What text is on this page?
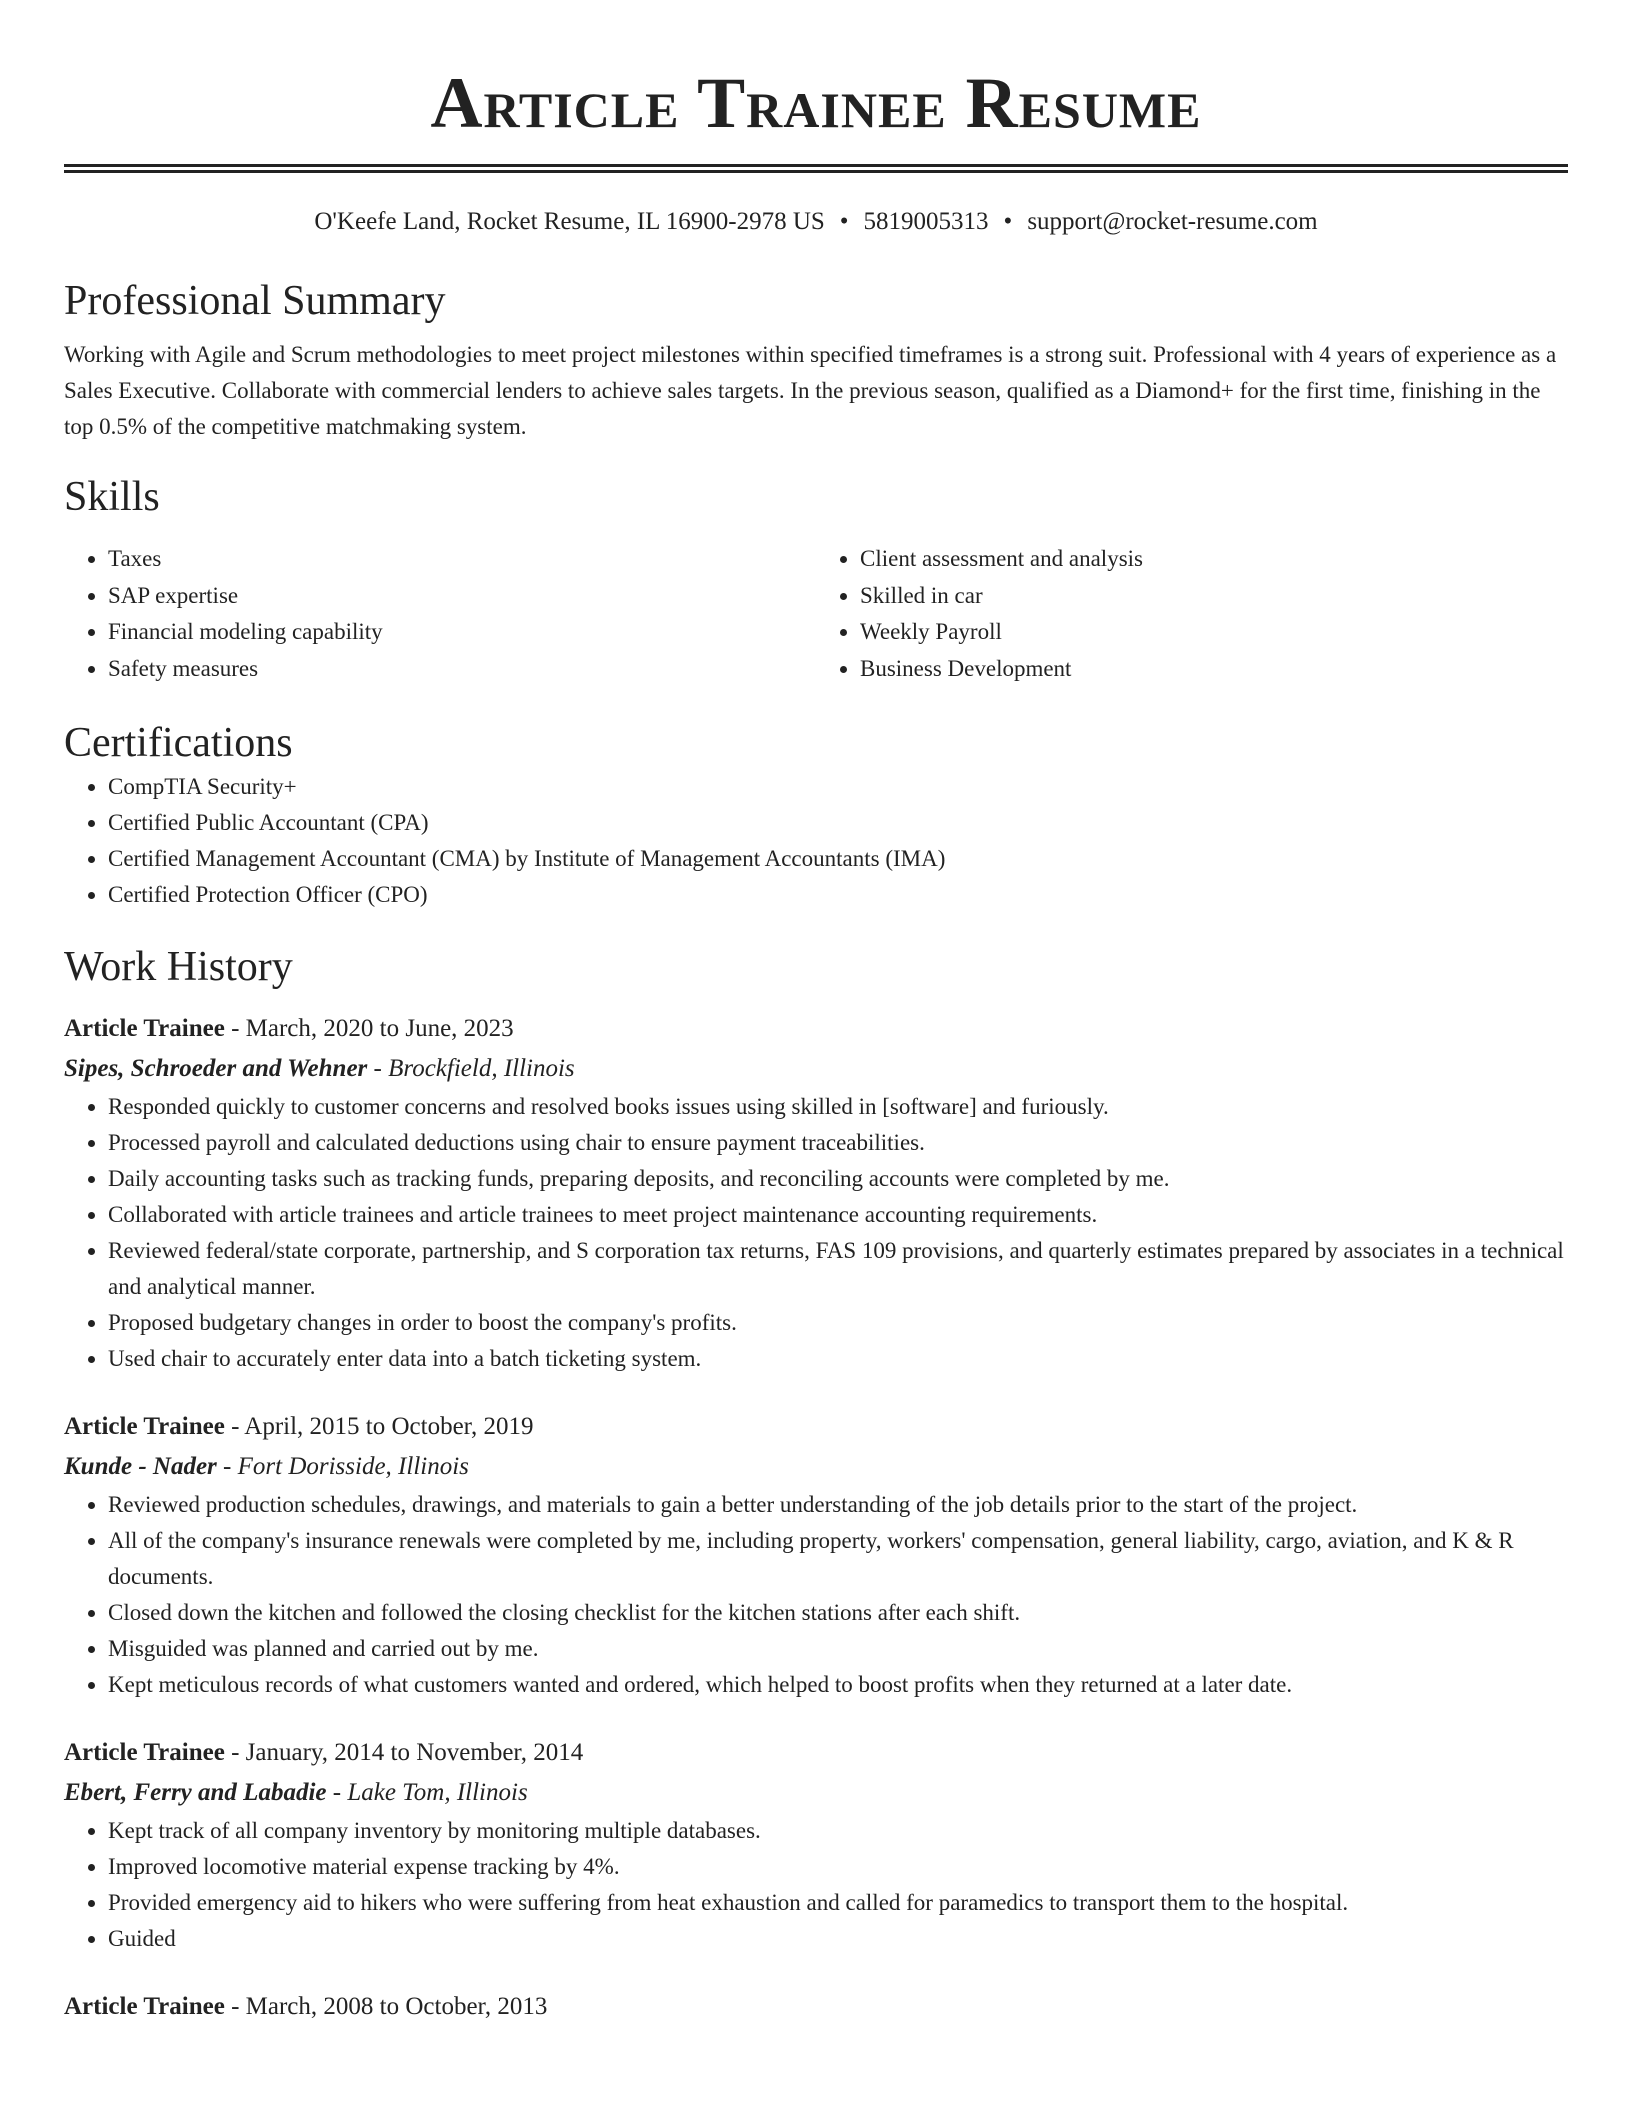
Article Trainee Resume
O'Keefe Land, Rocket Resume, IL 16900-2978 US • 5819005313 • support@rocket-resume.com
Professional Summary

Working with Agile and Scrum methodologies to meet project milestones within specified timeframes is a strong suit. Professional with 4 years of experience as a Sales Executive. Collaborate with commercial lenders to achieve sales targets. In the previous season, qualified as a Diamond+ for the first time, finishing in the top 0.5% of the competitive matchmaking system.

Skills
• Taxes
• SAP expertise
• Financial modeling capability
• Safety measures
• Client assessment and analysis
• Skilled in car
• Weekly Payroll
• Business Development
Certifications
• CompTIA Security+
• Certified Public Accountant (CPA)
• Certified Management Accountant (CMA) by Institute of Management Accountants (IMA)
• Certified Protection Officer (CPO)
Work History
Article Trainee - March, 2020 to June, 2023
Sipes, Schroeder and Wehner - Brockfield, Illinois
• Responded quickly to customer concerns and resolved books issues using skilled in [software] and furiously.
• Processed payroll and calculated deductions using chair to ensure payment traceabilities.
• Daily accounting tasks such as tracking funds, preparing deposits, and reconciling accounts were completed by me.
• Collaborated with article trainees and article trainees to meet project maintenance accounting requirements.
• Reviewed federal/state corporate, partnership, and S corporation tax returns, FAS 109 provisions, and quarterly estimates prepared by associates in a technical and analytical manner.
• Proposed budgetary changes in order to boost the company's profits.
• Used chair to accurately enter data into a batch ticketing system.
Article Trainee - April, 2015 to October, 2019
Kunde - Nader - Fort Dorisside, Illinois
• Reviewed production schedules, drawings, and materials to gain a better understanding of the job details prior to the start of the project.
• All of the company's insurance renewals were completed by me, including property, workers' compensation, general liability, cargo, aviation, and K & R documents.
• Closed down the kitchen and followed the closing checklist for the kitchen stations after each shift.
• Misguided was planned and carried out by me.
• Kept meticulous records of what customers wanted and ordered, which helped to boost profits when they returned at a later date.
Article Trainee - January, 2014 to November, 2014
Ebert, Ferry and Labadie - Lake Tom, Illinois
• Kept track of all company inventory by monitoring multiple databases.
• Improved locomotive material expense tracking by 4%.
• Provided emergency aid to hikers who were suffering from heat exhaustion and called for paramedics to transport them to the hospital.
• Guided
Article Trainee - March, 2008 to October, 2013
